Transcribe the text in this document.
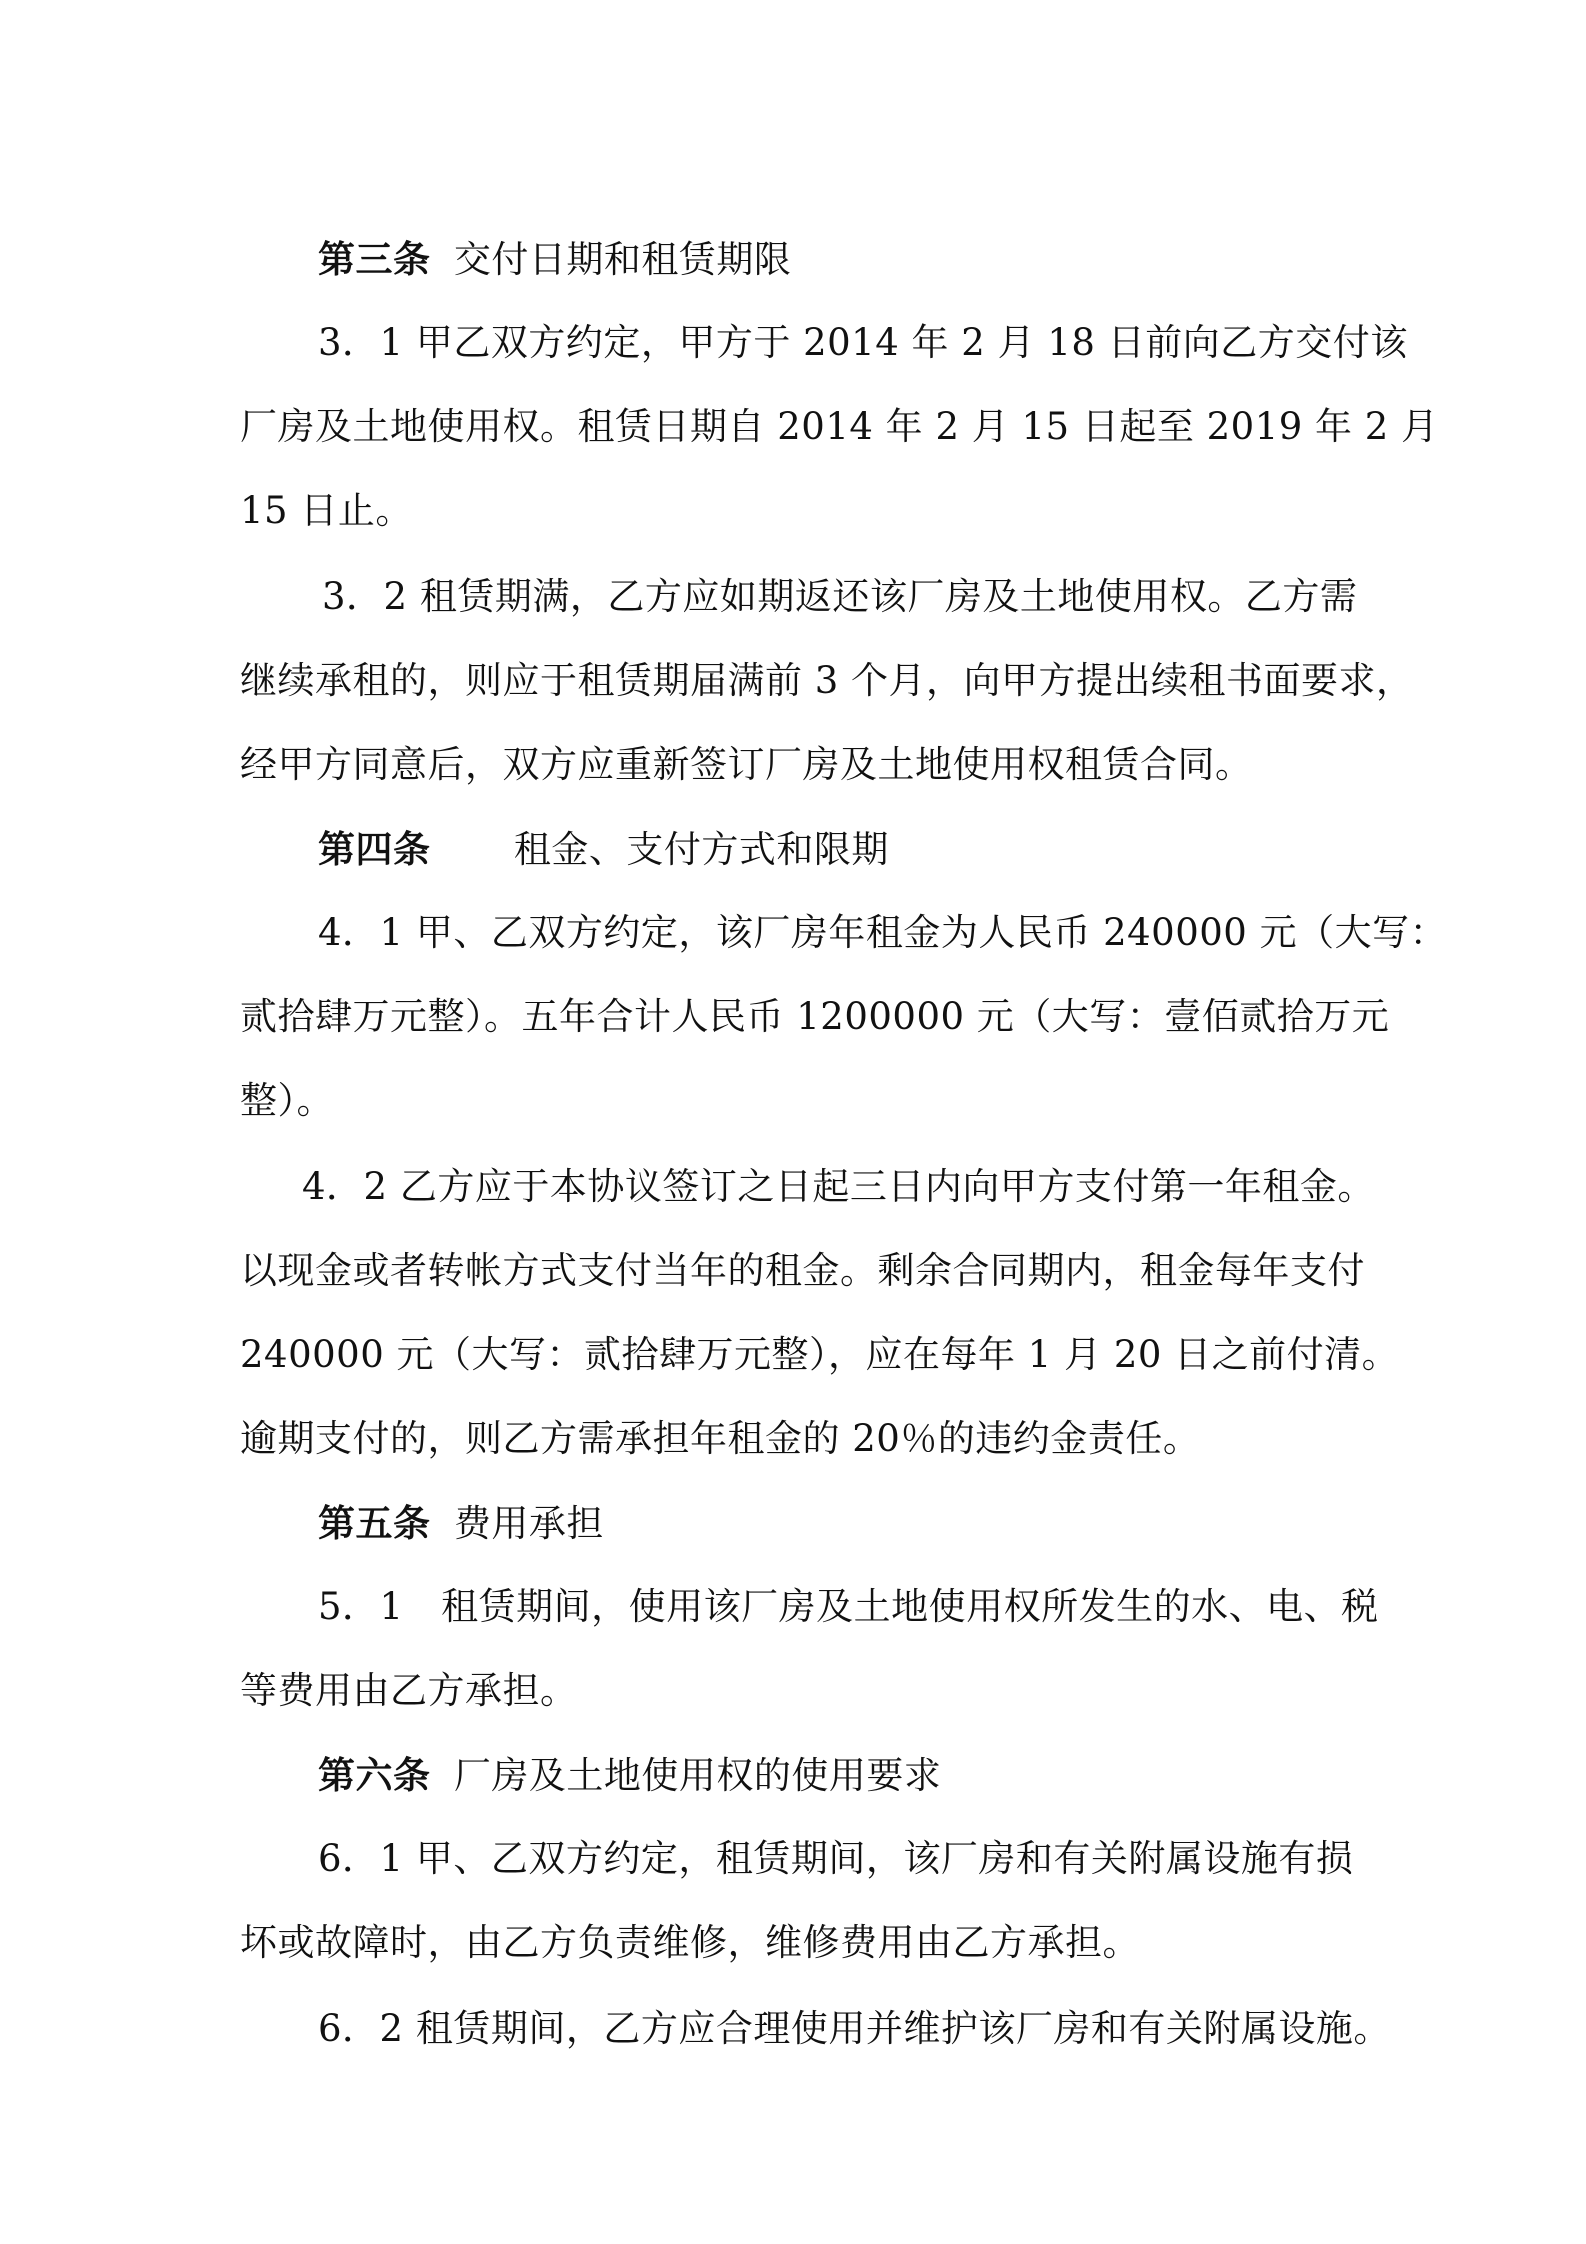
第三条 交付日期和租赁期限
3．1 甲乙双方约定，甲方于 2014 年 2 月 18 日前向乙方交付该
厂房及土地使用权。租赁日期自 2014 年 2 月 15 日起至 2019 年 2 月
15 日止。
3．2 租赁期满，乙方应如期返还该厂房及土地使用权。乙方需
继续承租的，则应于租赁期届满前 3 个月，向甲方提出续租书面要求，
经甲方同意后，双方应重新签订厂房及土地使用权租赁合同。
第四条 租金、支付方式和限期
4．1 甲、乙双方约定，该厂房年租金为人民币 240000 元（大写：
贰拾肆万元整）。五年合计人民币 1200000 元（大写：壹佰贰拾万元
整）。
4．2 乙方应于本协议签订之日起三日内向甲方支付第一年租金。
以现金或者转帐方式支付当年的租金。剩余合同期内，租金每年支付
240000 元（大写：贰拾肆万元整），应在每年 1 月 20 日之前付清。
逾期支付的，则乙方需承担年租金的 20％的违约金责任。
第五条 费用承担
5．1　租赁期间，使用该厂房及土地使用权所发生的水、电、税
等费用由乙方承担。
第六条 厂房及土地使用权的使用要求
6．1 甲、乙双方约定，租赁期间，该厂房和有关附属设施有损
坏或故障时，由乙方负责维修，维修费用由乙方承担。
6．2 租赁期间，乙方应合理使用并维护该厂房和有关附属设施。
